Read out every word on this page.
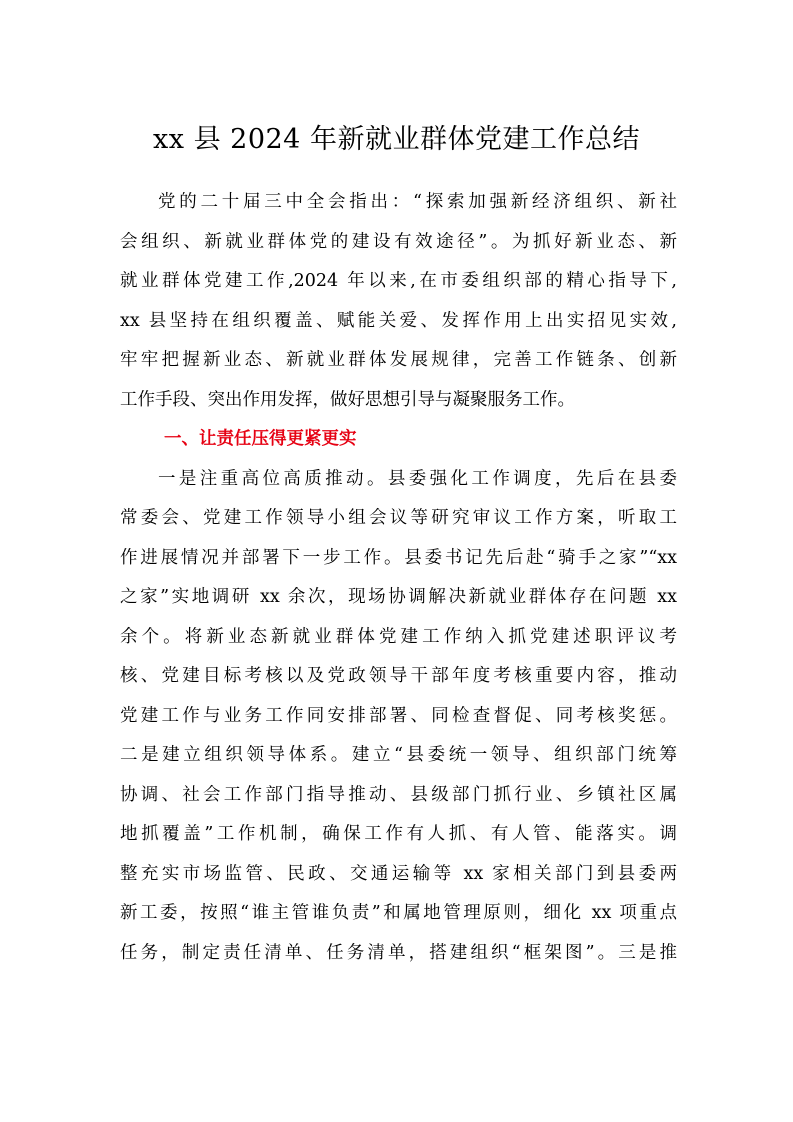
xx 县 2024 年新就业群体党建工作总结
党的二十届三中全会指出：“探索加强新经济组织、新社
会组织、新就业群体党的建设有效途径”。为抓好新业态、新
就业群体党建工作,2024 年以来,在市委组织部的精心指导下,
xx 县坚持在组织覆盖、赋能关爱、发挥作用上出实招见实效,
牢牢把握新业态、新就业群体发展规律，完善工作链条、创新
工作手段、突出作用发挥，做好思想引导与凝聚服务工作。
一、让责任压得更紧更实
一是注重高位高质推动。县委强化工作调度，先后在县委
常委会、党建工作领导小组会议等研究审议工作方案，听取工
作进展情况并部署下一步工作。县委书记先后赴“骑手之家”“xx
之家”实地调研 xx 余次，现场协调解决新就业群体存在问题 xx
余个。将新业态新就业群体党建工作纳入抓党建述职评议考
核、党建目标考核以及党政领导干部年度考核重要内容，推动
党建工作与业务工作同安排部署、同检查督促、同考核奖惩。
二是建立组织领导体系。建立“县委统一领导、组织部门统筹
协调、社会工作部门指导推动、县级部门抓行业、乡镇社区属
地抓覆盖”工作机制，确保工作有人抓、有人管、能落实。调
整充实市场监管、民政、交通运输等 xx 家相关部门到县委两
新工委，按照“谁主管谁负责”和属地管理原则，细化 xx 项重点
任务，制定责任清单、任务清单，搭建组织“框架图”。三是推
